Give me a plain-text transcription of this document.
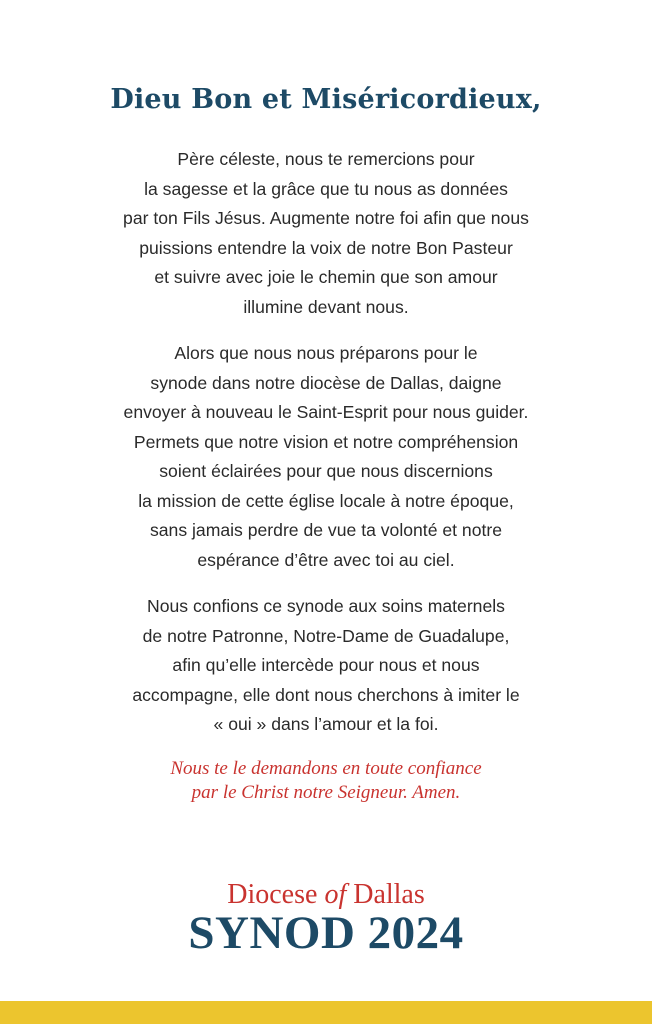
Dieu Bon et Miséricordieux,

Père céleste, nous te remercions pour
la sagesse et la grâce que tu nous as données
par ton Fils Jésus. Augmente notre foi afin que nous
puissions entendre la voix de notre Bon Pasteur
et suivre avec joie le chemin que son amour
illumine devant nous.

Alors que nous nous préparons pour le
synode dans notre diocèse de Dallas, daigne
envoyer à nouveau le Saint-Esprit pour nous guider.
Permets que notre vision et notre compréhension
soient éclairées pour que nous discernions
la mission de cette église locale à notre époque,
sans jamais perdre de vue ta volonté et notre
espérance d’être avec toi au ciel.

Nous confions ce synode aux soins maternels
de notre Patronne, Notre-Dame de Guadalupe,
afin qu’elle intercède pour nous et nous
accompagne, elle dont nous cherchons à imiter le
« oui » dans l’amour et la foi.

Nous te le demandons en toute confiance
par le Christ notre Seigneur. Amen.

Diocese of Dallas
SYNOD 2024
